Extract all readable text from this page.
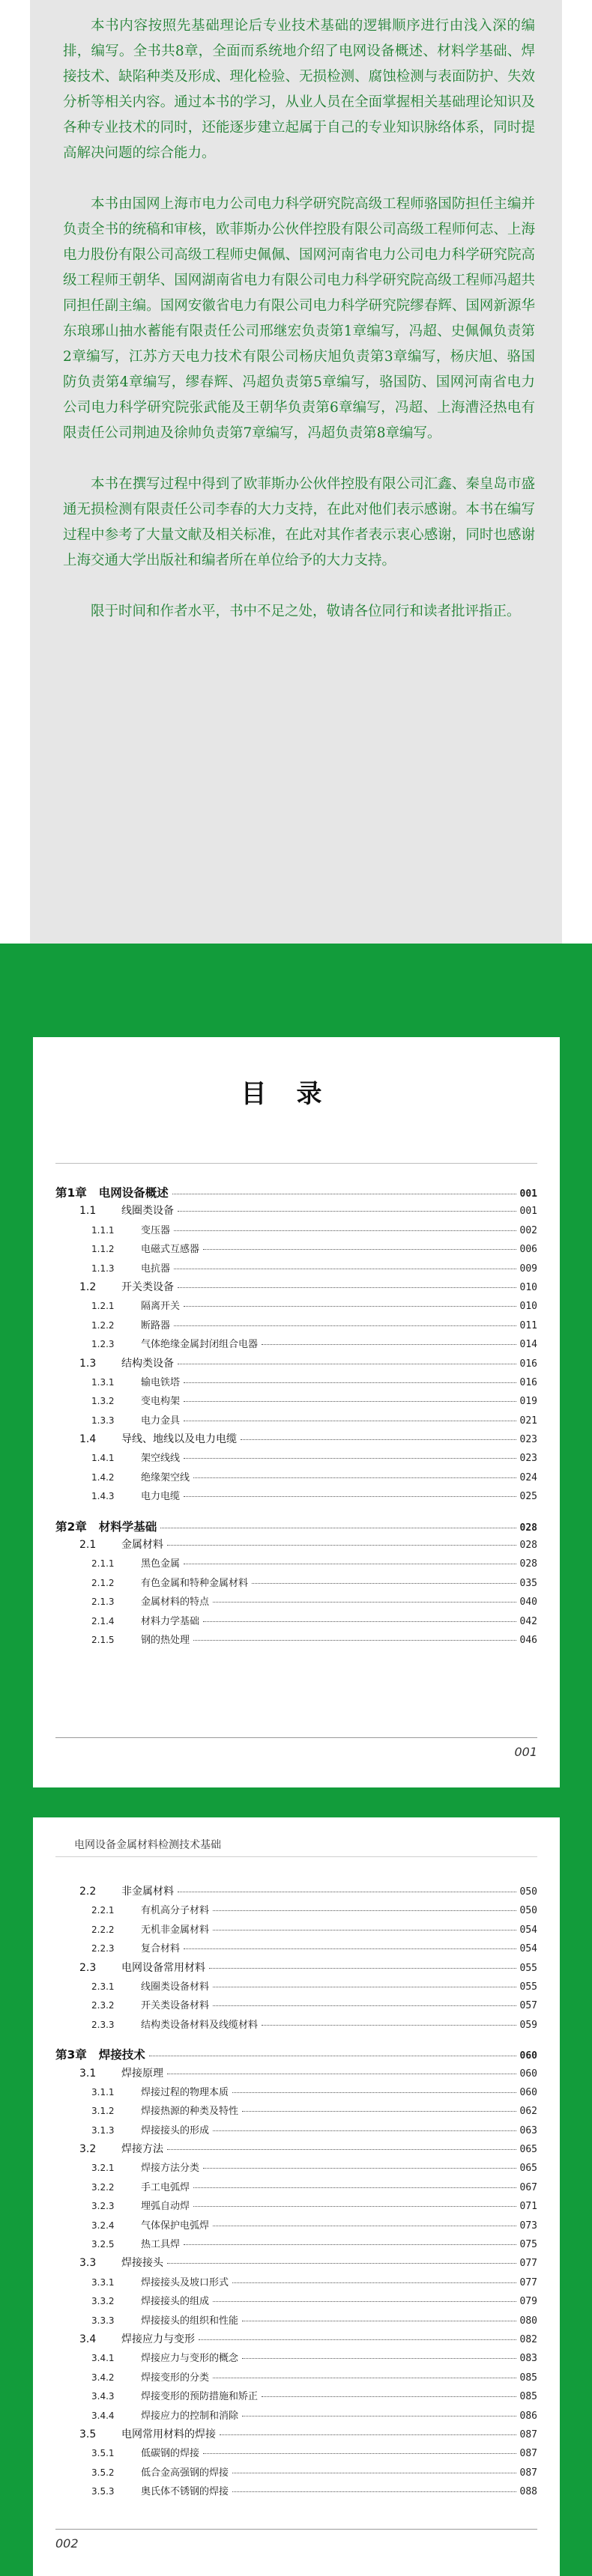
本书内容按照先基础理论后专业技术基础的逻辑顺序进行由浅入深的编排，编写。全书共8章，全面而系统地介绍了电网设备概述、材料学基础、焊接技术、缺陷种类及形成、理化检验、无损检测、腐蚀检测与表面防护、失效分析等相关内容。通过本书的学习，从业人员在全面掌握相关基础理论知识及各种专业技术的同时，还能逐步建立起属于自己的专业知识脉络体系，同时提高解决问题的综合能力。

本书由国网上海市电力公司电力科学研究院高级工程师骆国防担任主编并负责全书的统稿和审核，欧菲斯办公伙伴控股有限公司高级工程师何志、上海电力股份有限公司高级工程师史佩佩、国网河南省电力公司电力科学研究院高级工程师王朝华、国网湖南省电力有限公司电力科学研究院高级工程师冯超共同担任副主编。国网安徽省电力有限公司电力科学研究院缪春辉、国网新源华东琅琊山抽水蓄能有限责任公司邢继宏负责第1章编写，冯超、史佩佩负责第2章编写，江苏方天电力技术有限公司杨庆旭负责第3章编写，杨庆旭、骆国防负责第4章编写，缪春辉、冯超负责第5章编写，骆国防、国网河南省电力公司电力科学研究院张武能及王朝华负责第6章编写，冯超、上海漕泾热电有限责任公司荆迪及徐帅负责第7章编写，冯超负责第8章编写。

本书在撰写过程中得到了欧菲斯办公伙伴控股有限公司汇鑫、秦皇岛市盛通无损检测有限责任公司李春的大力支持，在此对他们表示感谢。本书在编写过程中参考了大量文献及相关标准，在此对其作者表示衷心感谢，同时也感谢上海交通大学出版社和编者所在单位给予的大力支持。

限于时间和作者水平，书中不足之处，敬请各位同行和读者批评指正。

目录
第1章 电网设备概述	001
1.1 线圈类设备	001
1.1.1	变压器	002
1.1.2	电磁式互感器	006
1.1.3	电抗器	009
1.2 开关类设备	010
1.2.1	隔离开关	010
1.2.2	断路器	011
1.2.3	气体绝缘金属封闭组合电器	014
1.3 结构类设备	016
1.3.1	输电铁塔	016
1.3.2	变电构架	019
1.3.3	电力金具	021
1.4 导线、地线以及电力电缆	023
1.4.1	架空线线	023
1.4.2	绝缘架空线	024
1.4.3	电力电缆	025
第2章 材料学基础	028
2.1 金属材料	028
2.1.1	黑色金属	028
2.1.2	有色金属和特种金属材料	035
2.1.3	金属材料的特点	040
2.1.4	材料力学基础	042
2.1.5	钢的热处理	046
001
电网设备金属材料检测技术基础
2.2 非金属材料	050
2.2.1	有机高分子材料	050
2.2.2	无机非金属材料	054
2.2.3	复合材料	054
2.3 电网设备常用材料	055
2.3.1	线圈类设备材料	055
2.3.2	开关类设备材料	057
2.3.3	结构类设备材料及线缆材料	059
第3章 焊接技术	060
3.1 焊接原理	060
3.1.1	焊接过程的物理本质	060
3.1.2	焊接热源的种类及特性	062
3.1.3	焊接接头的形成	063
3.2 焊接方法	065
3.2.1	焊接方法分类	065
3.2.2	手工电弧焊	067
3.2.3	埋弧自动焊	071
3.2.4	气体保护电弧焊	073
3.2.5	热工具焊	075
3.3 焊接接头	077
3.3.1	焊接接头及坡口形式	077
3.3.2	焊接接头的组成	079
3.3.3	焊接接头的组织和性能	080
3.4 焊接应力与变形	082
3.4.1	焊接应力与变形的概念	083
3.4.2	焊接变形的分类	085
3.4.3	焊接变形的预防措施和矫正	085
3.4.4	焊接应力的控制和消除	086
3.5 电网常用材料的焊接	087
3.5.1	低碳钢的焊接	087
3.5.2	低合金高强钢的焊接	087
3.5.3	奥氏体不锈钢的焊接	088
002
